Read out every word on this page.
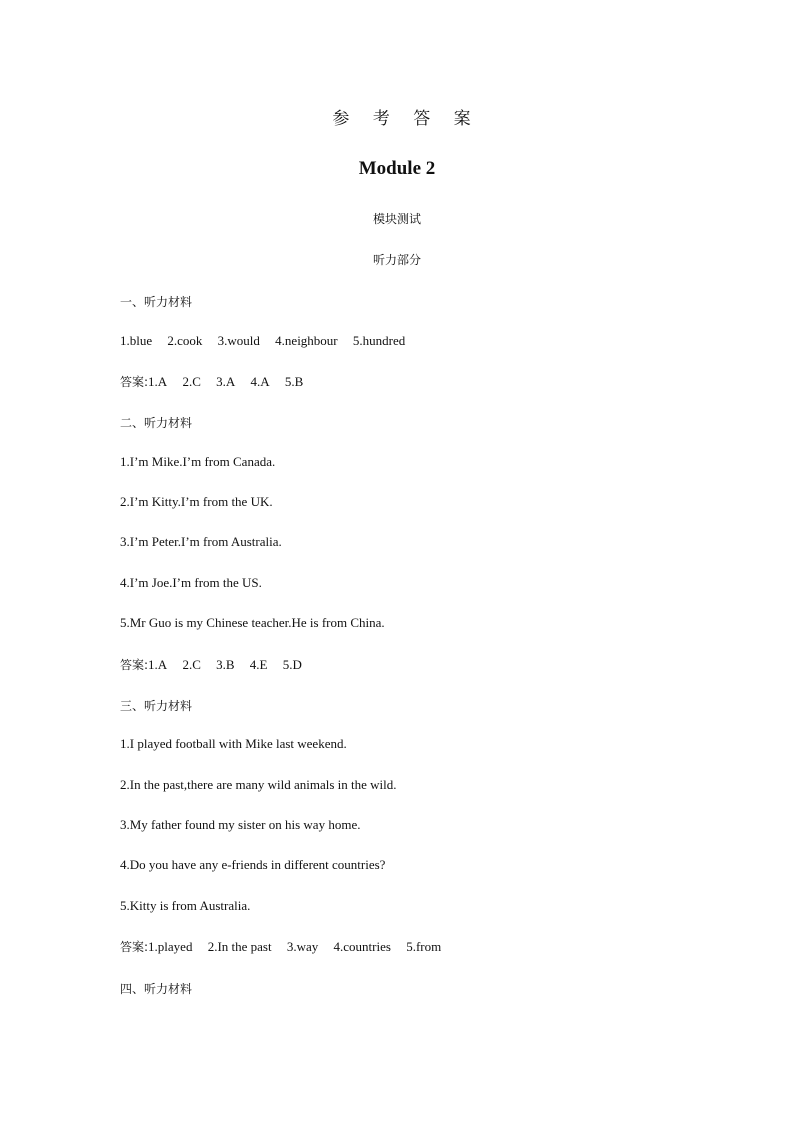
参 考 答 案
Module 2
模块测试
听力部分
一、听力材料
1.blue 2.cook 3.would 4.neighbour 5.hundred
答案:1.A 2.C 3.A 4.A 5.B
二、听力材料
1.I’m Mike.I’m from Canada.
2.I’m Kitty.I’m from the UK.
3.I’m Peter.I’m from Australia.
4.I’m Joe.I’m from the US.
5.Mr Guo is my Chinese teacher.He is from China.
答案:1.A 2.C 3.B 4.E 5.D
三、听力材料
1.I played football with Mike last weekend.
2.In the past,there are many wild animals in the wild.
3.My father found my sister on his way home.
4.Do you have any e-friends in different countries?
5.Kitty is from Australia.
答案:1.played 2.In the past 3.way 4.countries 5.from
四、听力材料
